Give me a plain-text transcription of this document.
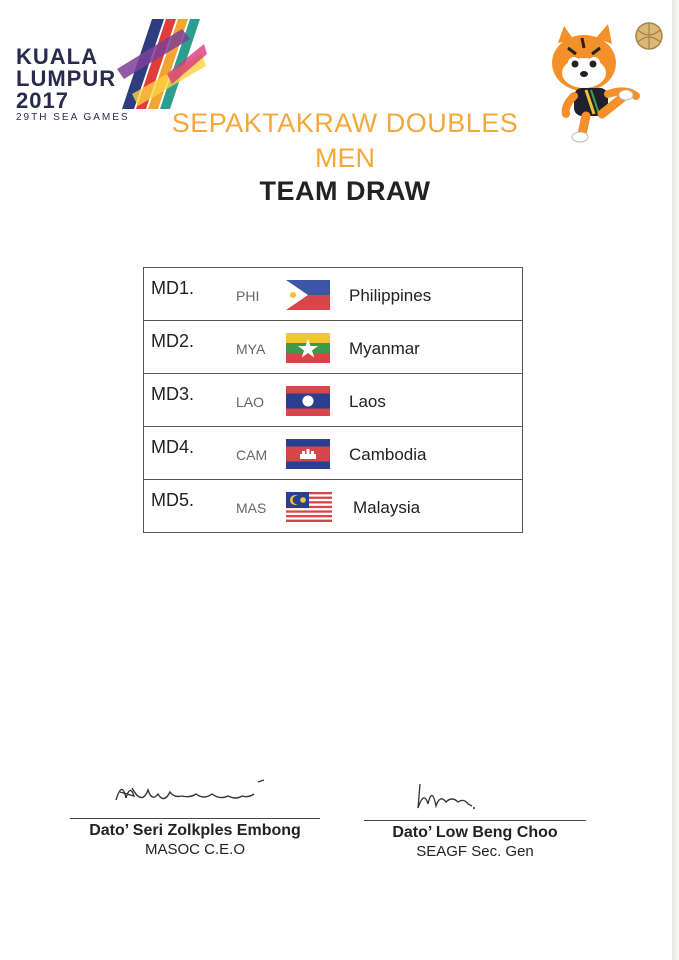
KUALA
LUMPUR
2017
29TH SEA GAMES	SEPAKTAKRAW DOUBLES
MEN
TEAM DRAW
MD1.	PHI	Philippines
MD2.	MYA	Myanmar
MD3.	LAO	Laos
MD4.	CAM	Cambodia
MD5.	MAS	Malaysia
Dato’ Seri Zolkples Embong
MASOC C.E.O
Dato’ Low Beng Choo
SEAGF Sec. Gen
